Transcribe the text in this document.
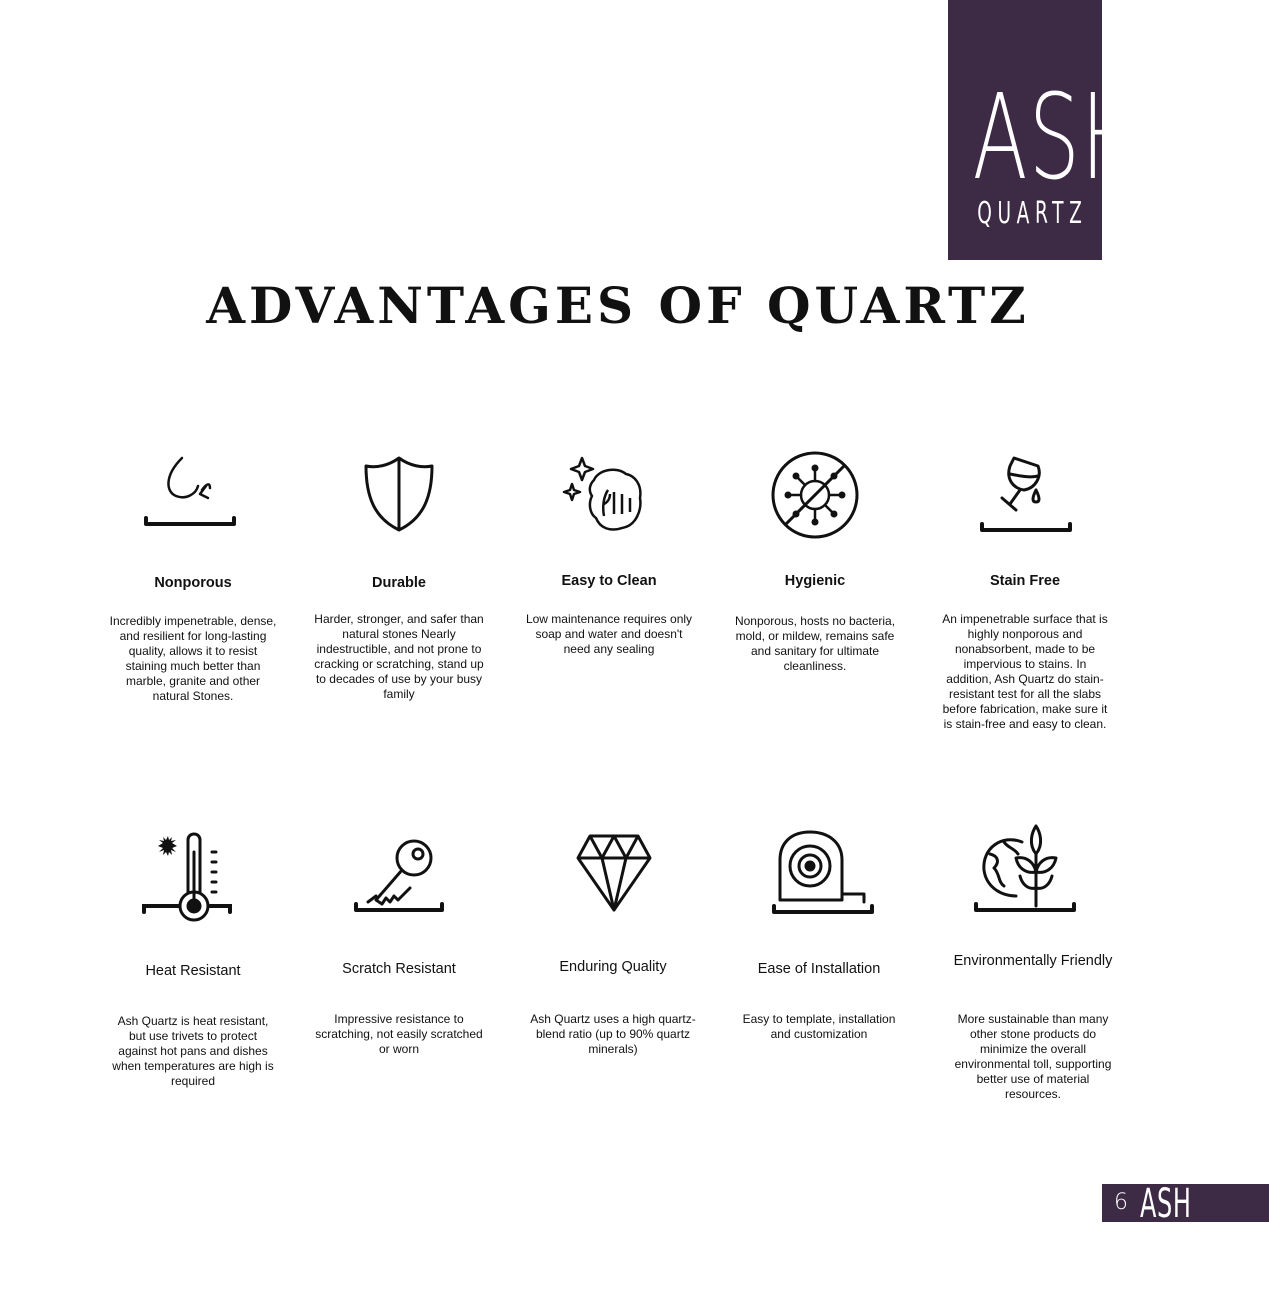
ASH
QUARTZ
ADVANTAGES OF QUARTZ
Nonporous
Incredibly impenetrable, dense, and resilient for long-lasting quality, allows it to resist staining much better than marble, granite and other natural Stones.
Durable
Harder, stronger, and safer than natural stones Nearly indestructible, and not prone to cracking or scratching, stand up to decades of use by your busy family
Easy to Clean
Low maintenance requires only soap and water and doesn't need any sealing
Hygienic
Nonporous, hosts no bacteria, mold, or mildew, remains safe and sanitary for ultimate cleanliness.
Stain Free
An impenetrable surface that is highly nonporous and nonabsorbent, made to be impervious to stains. In addition, Ash Quartz do stain-resistant test for all the slabs before fabrication, make sure it is stain-free and easy to clean.
Heat Resistant
Ash Quartz is heat resistant, but use trivets to protect against hot pans and dishes when temperatures are high is required
Scratch Resistant
Impressive resistance to scratching, not easily scratched or worn
Enduring Quality
Ash Quartz uses a high quartz-blend ratio (up to 90% quartz minerals)
Ease of Installation
Easy to template, installation and customization
Environmentally Friendly
More sustainable than many other stone products do minimize the overall environmental toll, supporting better use of material resources.
6 ASH
